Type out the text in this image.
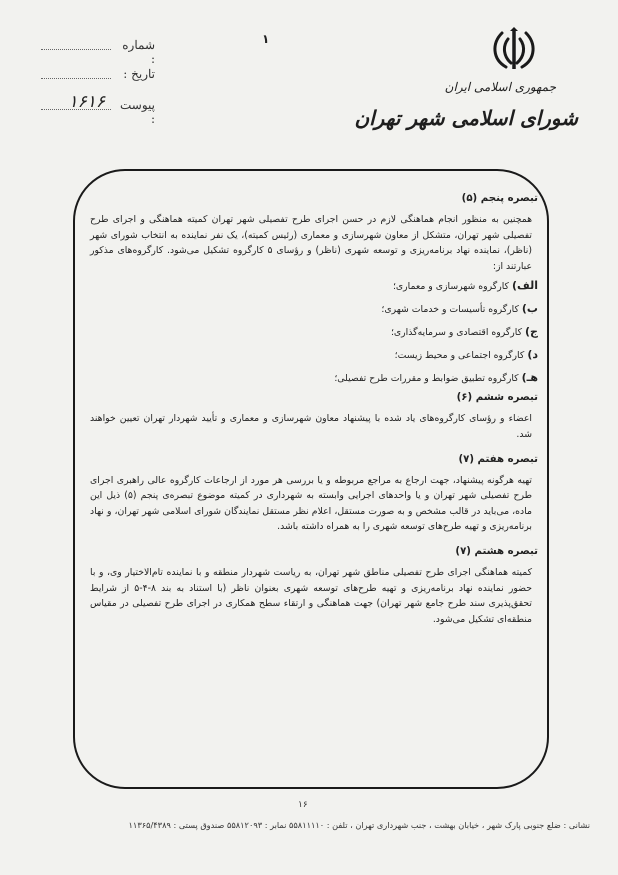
شماره :
تاریخ :
پیوست :
۱۶۱۶
۱
جمهوری اسلامی ایران
شورای اسلامی شهر تهران

تبصره پنجم (۵)

همچنین به منظور انجام هماهنگی لازم در حسن اجرای طرح تفصیلی شهر تهران کمیته هماهنگی و اجرای طرح تفصیلی شهر تهران، متشکل از معاون شهرسازی و معماری (رئیس کمیته)، یک نفر نماینده به انتخاب شورای شهر (ناظر)، نماینده نهاد برنامه‌ریزی و توسعه شهری (ناظر) و رؤسای ۵ کارگروه تشکیل می‌شود. کارگروه‌های مذکور عبارتند از:

الف)کارگروه شهرسازی و معماری؛

ب)کارگروه تأسیسات و خدمات شهری؛

ج)کارگروه اقتصادی و سرمایه‌گذاری؛

د)کارگروه اجتماعی و محیط زیست؛

هـ)کارگروه تطبیق ضوابط و مقررات طرح تفصیلی؛

تبصره ششم (۶)

اعضاء و رؤسای کارگروه‌های یاد شده با پیشنهاد معاون شهرسازی و معماری و تأیید شهردار تهران تعیین خواهند شد.

تبصره هفتم (۷)

تهیه هرگونه پیشنهاد، جهت ارجاع به مراجع مربوطه و یا بررسی هر مورد از ارجاعات کارگروه عالی راهبری اجرای طرح تفصیلی شهر تهران و یا واحدهای اجرایی وابسته به شهرداری در کمیته موضوع تبصره‌ی پنجم (۵) ذیل این ماده، می‌باید در قالب مشخص و به صورت مستقل، اعلام نظر مستقل نمایندگان شورای اسلامی شهر تهران، و نهاد برنامه‌ریزی و تهیه طرح‌های توسعه شهری را به همراه داشته باشد.

تبصره هشتم (۷)

کمیته هماهنگی اجرای طرح تفصیلی مناطق شهر تهران، به ریاست شهردار منطقه و با نماینده تام‌الاختیار وی، و با حضور نماینده نهاد برنامه‌ریزی و تهیه طرح‌های توسعه شهری بعنوان ناظر (با استناد به بند ۸-۴-۵ از شرایط تحقق‌پذیری سند طرح جامع شهر تهران) جهت هماهنگی و ارتقاء سطح همکاری در اجرای طرح تفصیلی در مقیاس منطقه‌ای تشکیل می‌شود.

۱۶
نشانی : ضلع جنوبی پارک شهر ، خیابان بهشت ، جنب شهرداری تهران ، تلفن : ۵۵۸۱۱۱۱۰ نمابر : ۵۵۸۱۲۰۹۳ صندوق پستی : ۱۱۳۶۵/۴۳۸۹
